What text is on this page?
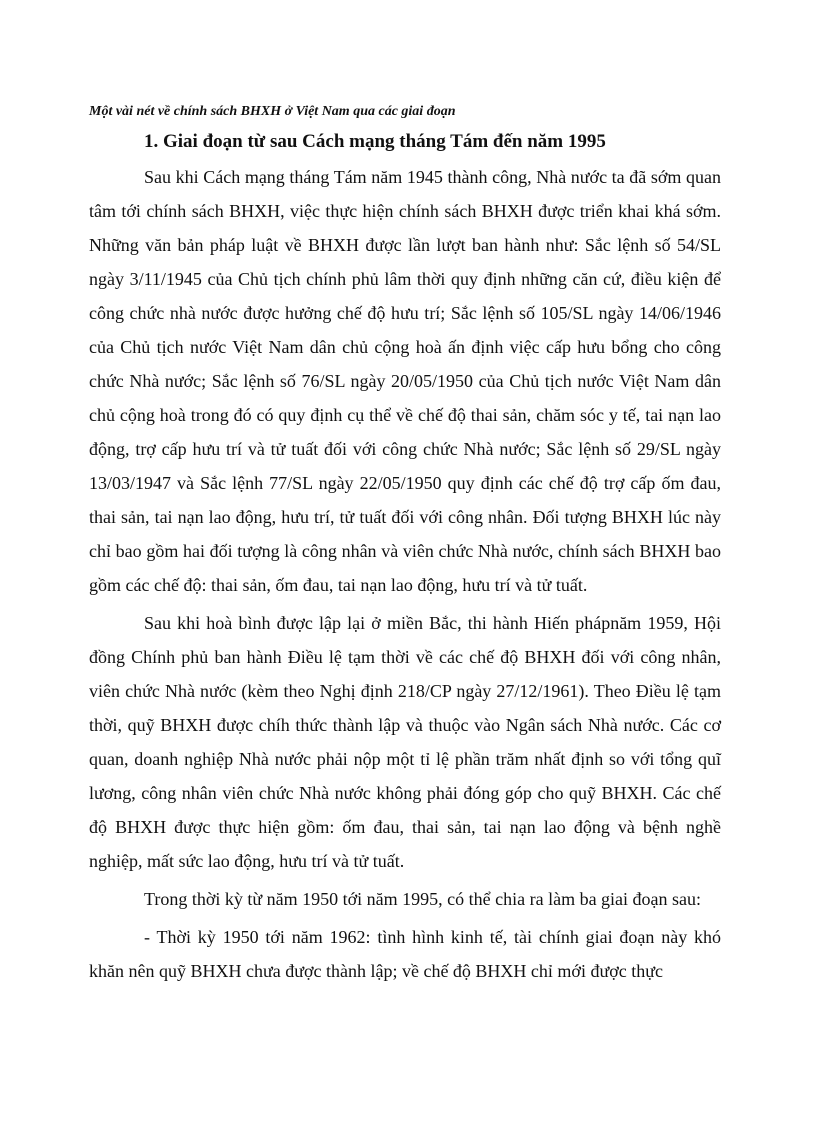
Một vài nét về chính sách BHXH ở Việt Nam qua các giai đoạn
1. Giai đoạn từ sau Cách mạng tháng Tám đến năm 1995

Sau khi Cách mạng tháng Tám năm 1945 thành công, Nhà nước ta đã sớm quan tâm tới chính sách BHXH, việc thực hiện chính sách BHXH được triển khai khá sớm. Những văn bản pháp luật về BHXH được lần lượt ban hành như: Sắc lệnh số 54/SL ngày 3/11/1945 của Chủ tịch chính phủ lâm thời quy định những căn cứ, điều kiện để công chức nhà nước được hưởng chế độ hưu trí; Sắc lệnh số 105/SL ngày 14/06/1946 của Chủ tịch nước Việt Nam dân chủ cộng hoà ấn định việc cấp hưu bổng cho công chức Nhà nước; Sắc lệnh số 76/SL ngày 20/05/1950 của Chủ tịch nước Việt Nam dân chủ cộng hoà trong đó có quy định cụ thể về chế độ thai sản, chăm sóc y tế, tai nạn lao động, trợ cấp hưu trí và tử tuất đối với công chức Nhà nước; Sắc lệnh số 29/SL ngày 13/03/1947 và Sắc lệnh 77/SL ngày 22/05/1950 quy định các chế độ trợ cấp ốm đau, thai sản, tai nạn lao động, hưu trí, tử tuất đối với công nhân. Đối tượng BHXH lúc này chỉ bao gồm hai đối tượng là công nhân và viên chức Nhà nước, chính sách BHXH bao gồm các chế độ: thai sản, ốm đau, tai nạn lao động, hưu trí và tử tuất.

Sau khi hoà bình được lập lại ở miền Bắc, thi hành Hiến phápnăm 1959, Hội đồng Chính phủ ban hành Điều lệ tạm thời về các chế độ BHXH đối với công nhân, viên chức Nhà nước (kèm theo Nghị định 218/CP ngày 27/12/1961). Theo Điều lệ tạm thời, quỹ BHXH được chíh thức thành lập và thuộc vào Ngân sách Nhà nước. Các cơ quan, doanh nghiệp Nhà nước phải nộp một tỉ lệ phần trăm nhất định so với tổng quĩ lương, công nhân viên chức Nhà nước không phải đóng góp cho quỹ BHXH. Các chế độ BHXH được thực hiện gồm: ốm đau, thai sản, tai nạn lao động và bệnh nghề nghiệp, mất sức lao động, hưu trí và tử tuất.

Trong thời kỳ từ năm 1950 tới năm 1995, có thể chia ra làm ba giai đoạn sau:

- Thời kỳ 1950 tới năm 1962: tình hình kinh tế, tài chính giai đoạn này khó khăn nên quỹ BHXH chưa được thành lập; về chế độ BHXH chỉ mới được thực
